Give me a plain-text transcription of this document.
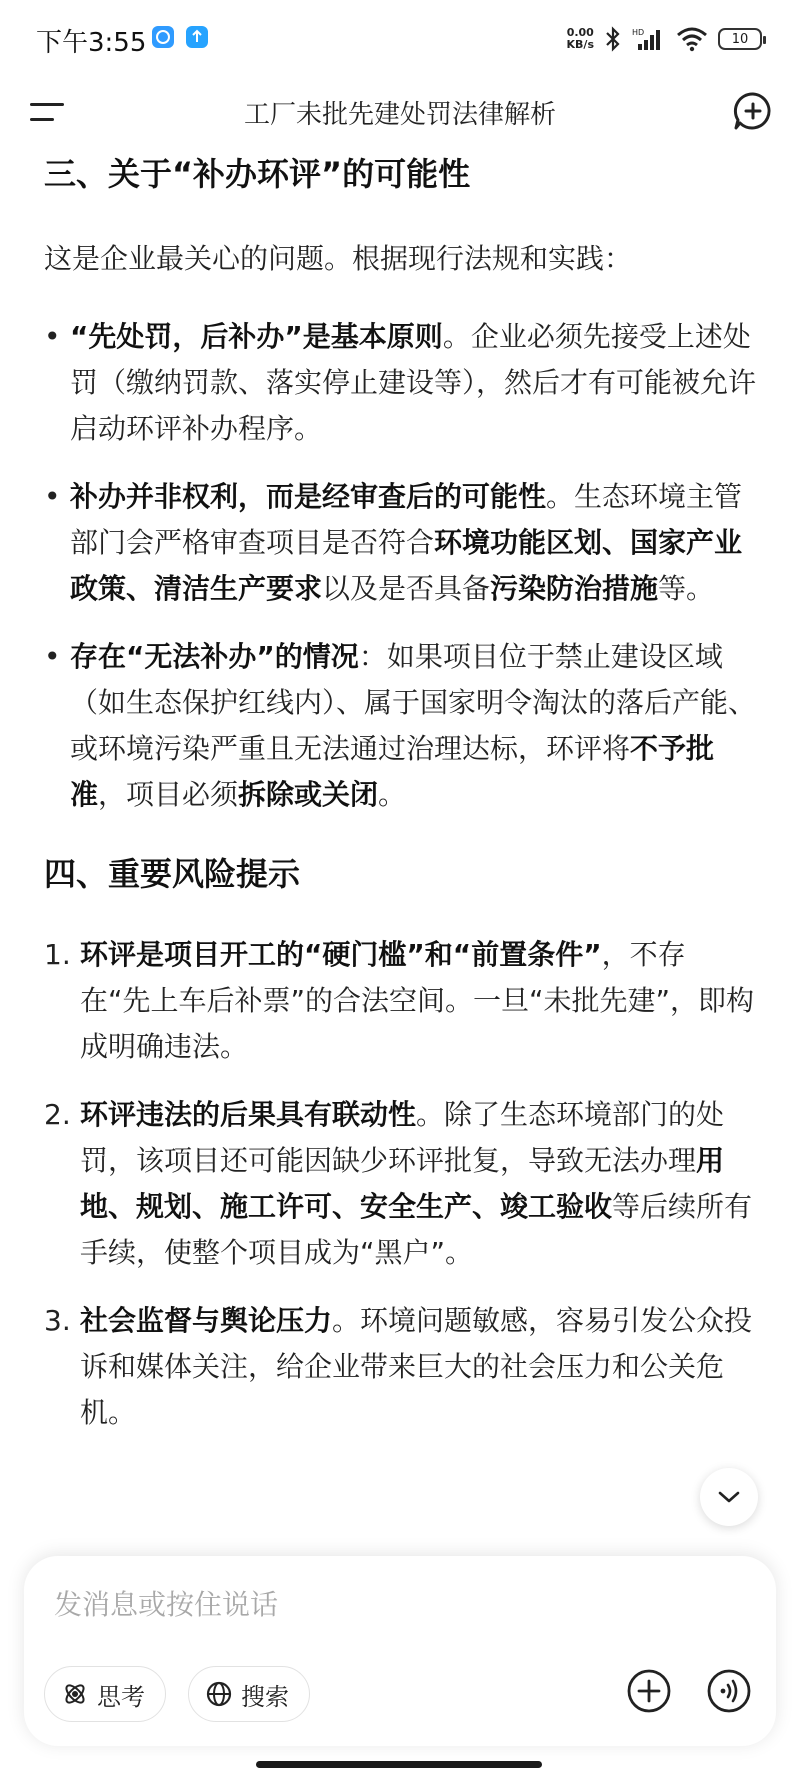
下午3:55	0.00
KB/s
HD	10
工厂未批先建处罚法律解析
三、关于“补办环评”的可能性

这是企业最关心的问题。根据现行法规和实践：

• “先处罚，后补办”是基本原则。企业必须先接受上述处罚（缴纳罚款、落实停止建设等），然后才有可能被允许启动环评补办程序。
• 补办并非权利，而是经审查后的可能性。生态环境主管部门会严格审查项目是否符合环境功能区划、国家产业政策、清洁生产要求以及是否具备污染防治措施等。
• 存在“无法补办”的情况：如果项目位于禁止建设区域（如生态保护红线内）、属于国家明令淘汰的落后产能、或环境污染严重且无法通过治理达标，环评将不予批准，项目必须拆除或关闭。
四、重要风险提示
1. 环评是项目开工的“硬门槛”和“前置条件”，不存在“先上车后补票”的合法空间。一旦“未批先建”，即构成明确违法。
2. 环评违法的后果具有联动性。除了生态环境部门的处罚，该项目还可能因缺少环评批复，导致无法办理用地、规划、施工许可、安全生产、竣工验收等后续所有手续，使整个项目成为“黑户”。
3. 社会监督与舆论压力。环境问题敏感，容易引发公众投诉和媒体关注，给企业带来巨大的社会压力和公关危机。
发消息或按住说话
思考	搜索
